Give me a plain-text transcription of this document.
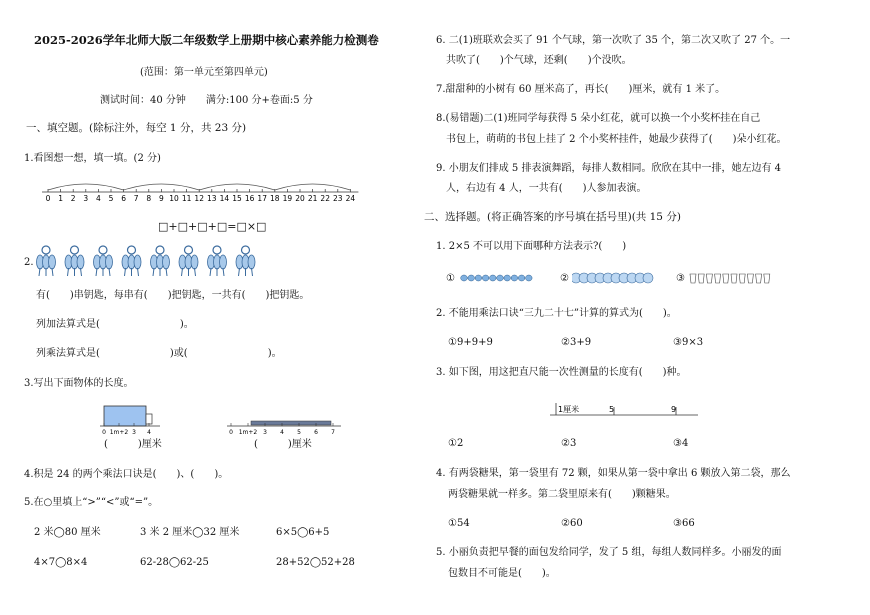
2025-2026学年北师大版二年级数学上册期中核心素养能力检测卷
(范围：第一单元至第四单元)
测试时间：40 分钟　　满分:100 分+卷面:5 分
一、填空题。(除标注外，每空 1 分，共 23 分)
1.看图想一想，填一填。(2 分)
0 1 2 3 4 5 6 7 8 9 10 11 12 13 14 15 16 17 18 19 20 21 22 23 24
□+□+□+□=□×□
2.
有(　　)串钥匙，每串有(　　)把钥匙，一共有(　　)把钥匙。
列加法算式是(　　　　　　　　)。
列乘法算式是(　　　　　　　)或(　　　　　　　　)。
3.写出下面物体的长度。
0 1m+2 3 4
(　　　)厘米
0 1m+2 3 4 5 6 7
(　　　)厘米
4.积是 24 的两个乘法口诀是(　　)、(　　)。
5.在○里填上“>”“<”或“=”。
2 米◯80 厘米	3 米 2 厘米◯32 厘米	6×5◯6+5
4×7◯8×4	62-28◯62-25	28+52◯52+28
6. 二(1)班联欢会买了 91 个气球，第一次吹了 35 个，第二次又吹了 27 个。一
共吹了(　　)个气球，还剩(　　)个没吹。
7.甜甜种的小树有 60 厘米高了，再长(　　)厘米，就有 1 米了。
8.(易错题)二(1)班同学每获得 5 朵小红花，就可以换一个小奖杯挂在自己
书包上，萌萌的书包上挂了 2 个小奖杯挂件，她最少获得了(　　)朵小红花。
9. 小朋友们排成 5 排表演舞蹈，每排人数相同。欣欣在其中一排，她左边有 4
人，右边有 4 人，一共有(　　)人参加表演。
二、选择题。(将正确答案的序号填在括号里)(共 15 分)
1. 2×5 不可以用下面哪种方法表示?(　　)
①	②	③
2. 不能用乘法口诀“三九二十七”计算的算式为(　　)。
①9+9+9	②3+9	③9×3
3. 如下图，用这把直尺能一次性测量的长度有(　　)种。
1厘米	5	9
①2	②3	③4
4. 有两袋糖果，第一袋里有 72 颗，如果从第一袋中拿出 6 颗放入第二袋，那么
两袋糖果就一样多。第二袋里原来有(　　)颗糖果。
①54	②60	③66
5. 小丽负责把早餐的面包发给同学，发了 5 组，每组人数同样多。小丽发的面
包数目不可能是(　　)。
